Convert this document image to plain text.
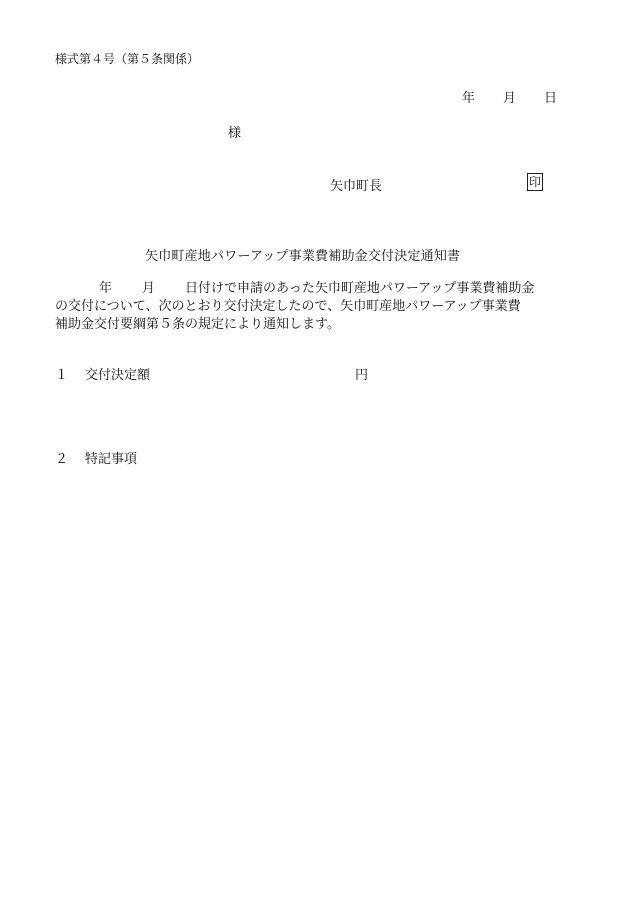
様式第４号（第５条関係）
年 月 日
様
矢巾町長	印
矢巾町産地パワーアップ事業費補助金交付決定通知書
年 月 日付けで申請のあった矢巾町産地パワーアップ事業費補助金
の交付について、次のとおり交付決定したので、矢巾町産地パワーアップ事業費
補助金交付要綱第５条の規定により通知します。
１ 交付決定額	円
２ 特記事項
